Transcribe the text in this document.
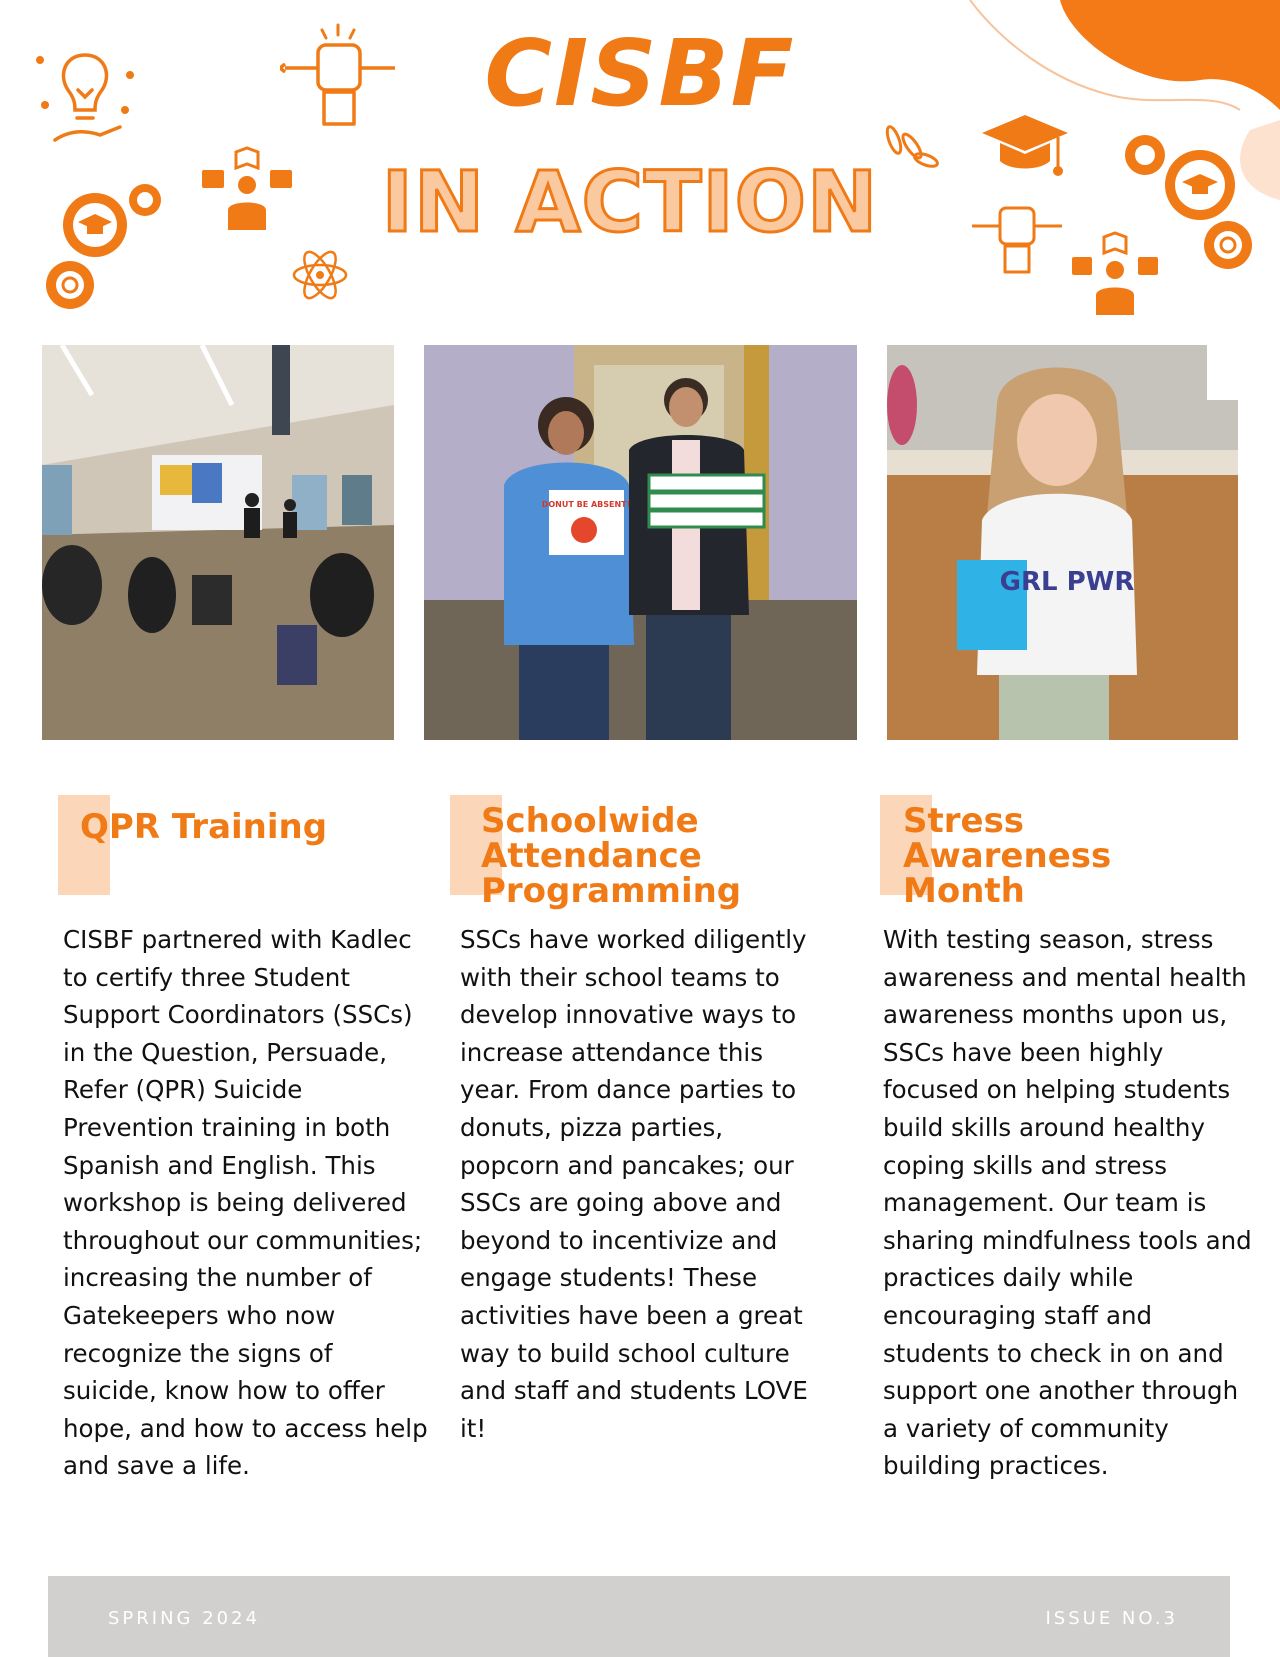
CISBF
IN ACTION
DONUT BE ABSENT!
GRL PWR
QPR Training

CISBF partnered with Kadlec to certify three Student Support Coordinators (SSCs) in the Question, Persuade, Refer (QPR) Suicide Prevention training in both Spanish and English. This workshop is being delivered throughout our communities; increasing the number of Gatekeepers who now recognize the signs of suicide, know how to offer hope, and how to access help and save a life.

Schoolwide Attendance Programming

SSCs have worked diligently with their school teams to develop innovative ways to increase attendance this year. From dance parties to donuts, pizza parties, popcorn and pancakes; our SSCs are going above and beyond to incentivize and engage students! These activities have been a great way to build school culture and staff and students LOVE it!

Stress Awareness Month

With testing season, stress awareness and mental health awareness months upon us, SSCs have been highly focused on helping students build skills around healthy coping skills and stress management. Our team is sharing mindfulness tools and practices daily while encouraging staff and students to check in on and support one another through a variety of community building practices.

SPRING 2024	ISSUE NO.3
